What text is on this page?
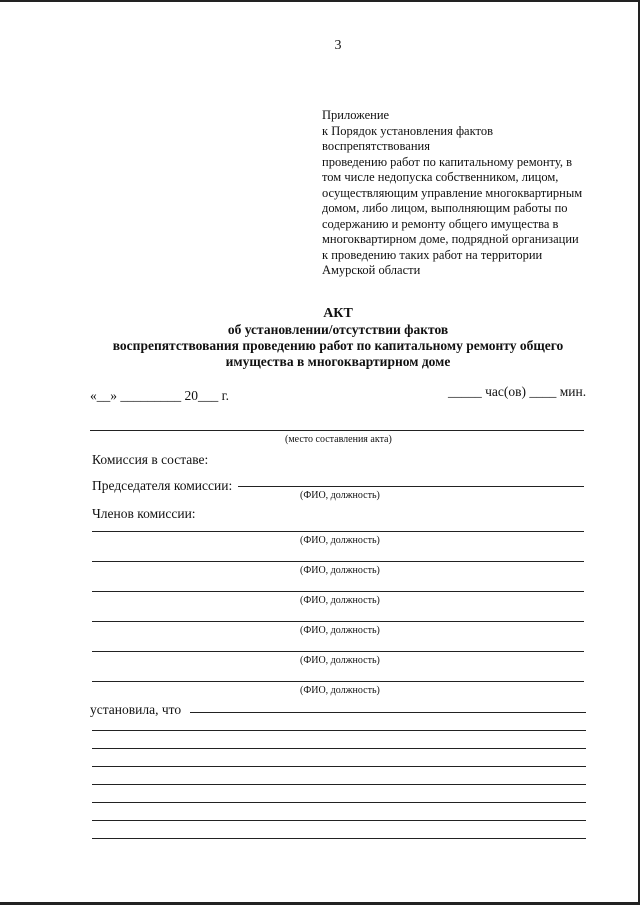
3
Приложение
к Порядок установления фактов
воспрепятствования
проведению работ по капитальному ремонту, в
том числе недопуска собственником, лицом,
осуществляющим управление многоквартирным
домом, либо лицом, выполняющим работы по
содержанию и ремонту общего имущества в
многоквартирном доме, подрядной организации
к проведению таких работ на территории
Амурской области
АКТ
об установлении/отсутствии фактов
воспрепятствования проведению работ по капитальному ремонту общего
имущества в многоквартирном доме
«__» _________ 20___ г.	_____ час(ов) ____ мин.
(место составления акта)
Комиссия в составе:
Председателя комиссии:
(ФИО, должность)
Членов комиссии:
(ФИО, должность)
(ФИО, должность)
(ФИО, должность)
(ФИО, должность)
(ФИО, должность)
(ФИО, должность)
установила, что
